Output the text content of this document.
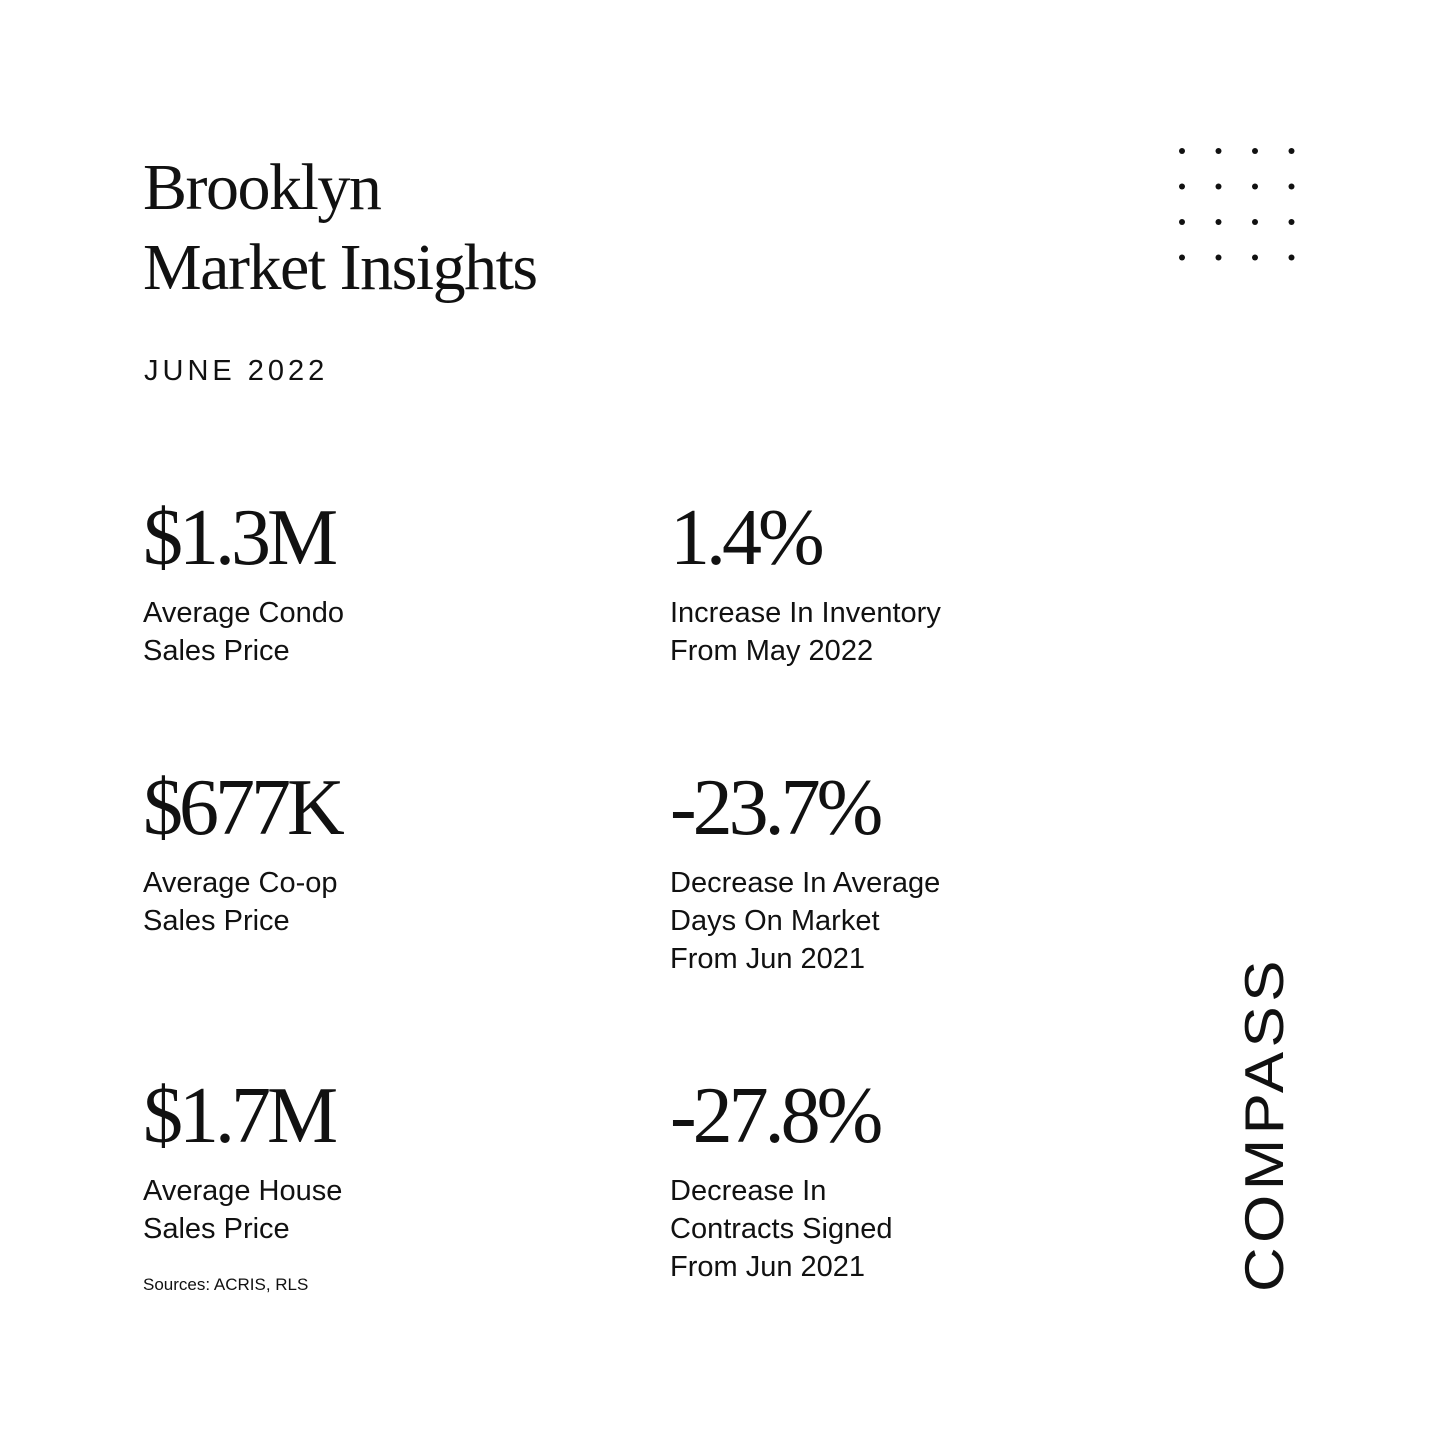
Brooklyn
Market Insights
JUNE 2022
$1.3M
Average Condo
Sales Price
1.4%
Increase In Inventory
From May 2022
$677K
Average Co-op
Sales Price
-23.7%
Decrease In Average
Days On Market
From Jun 2021
$1.7M
Average House
Sales Price
-27.8%
Decrease In
Contracts Signed
From Jun 2021
Sources: ACRIS, RLS	COMPASS
